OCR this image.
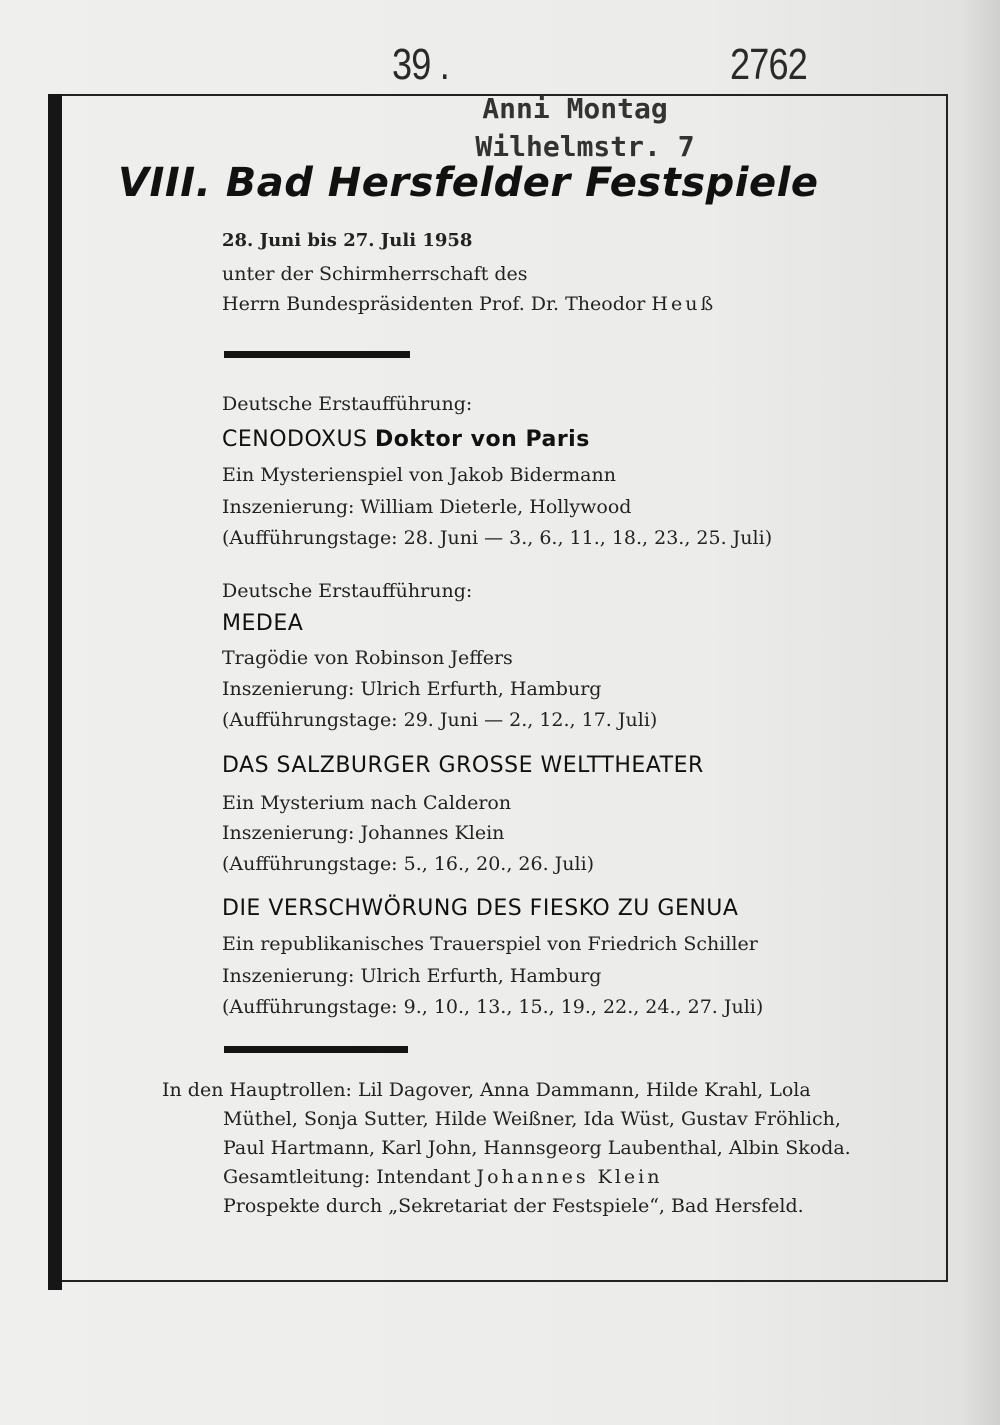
39 .	2762
Anni Montag
Wilhelmstr. 7
VIII. Bad Hersfelder Festspiele
28. Juni bis 27. Juli 1958
unter der Schirmherrschaft des
Herrn Bundespräsidenten Prof. Dr. Theodor Heuß
Deutsche Erstaufführung:
CENODOXUS Doktor von Paris
Ein Mysterienspiel von Jakob Bidermann
Inszenierung: William Dieterle, Hollywood
(Aufführungstage: 28. Juni — 3., 6., 11., 18., 23., 25. Juli)
Deutsche Erstaufführung:
MEDEA
Tragödie von Robinson Jeffers
Inszenierung: Ulrich Erfurth, Hamburg
(Aufführungstage: 29. Juni — 2., 12., 17. Juli)
DAS SALZBURGER GROSSE WELTTHEATER
Ein Mysterium nach Calderon
Inszenierung: Johannes Klein
(Aufführungstage: 5., 16., 20., 26. Juli)
DIE VERSCHWÖRUNG DES FIESKO ZU GENUA
Ein republikanisches Trauerspiel von Friedrich Schiller
Inszenierung: Ulrich Erfurth, Hamburg
(Aufführungstage: 9., 10., 13., 15., 19., 22., 24., 27. Juli)
In den Hauptrollen: Lil Dagover, Anna Dammann, Hilde Krahl, Lola
Müthel, Sonja Sutter, Hilde Weißner, Ida Wüst, Gustav Fröhlich,
Paul Hartmann, Karl John, Hannsgeorg Laubenthal, Albin Skoda.
Gesamtleitung: Intendant Johannes Klein
Prospekte durch „Sekretariat der Festspiele“, Bad Hersfeld.
